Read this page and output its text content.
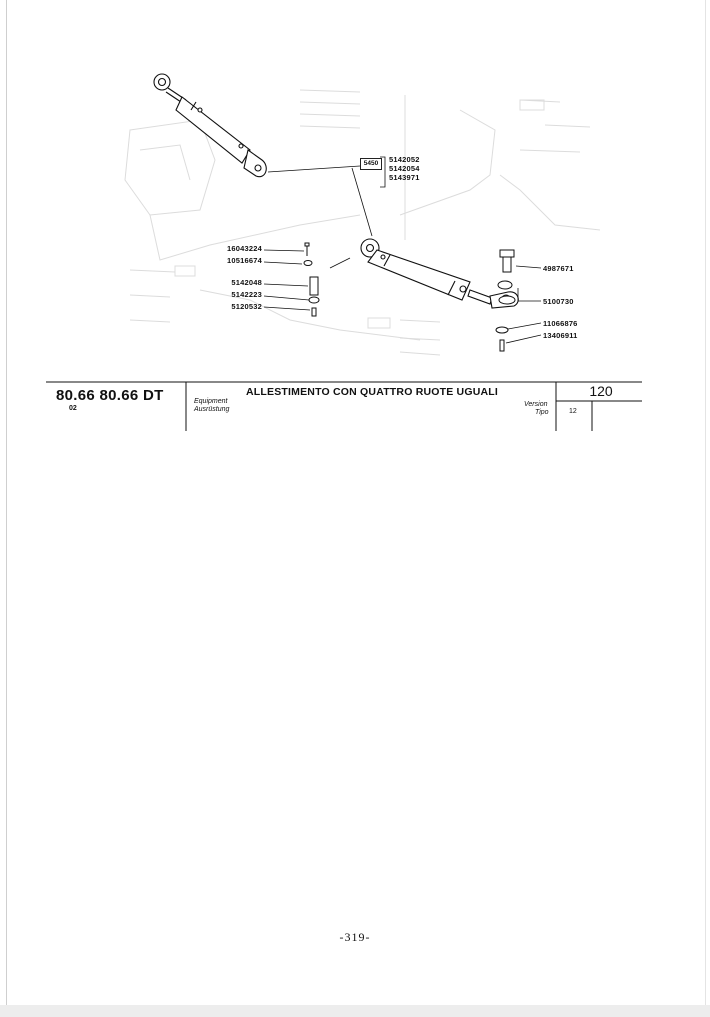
5450	5142052
5142054
5143971
16043224
10516674
5142048
5142223
5120532
4987671
5100730
11066876
13406911
80.66 80.66 DT
02
Equipment
Ausrüstung
ALLESTIMENTO CON QUATTRO RUOTE UGUALI
Version
Tipo
120
12
-319-
